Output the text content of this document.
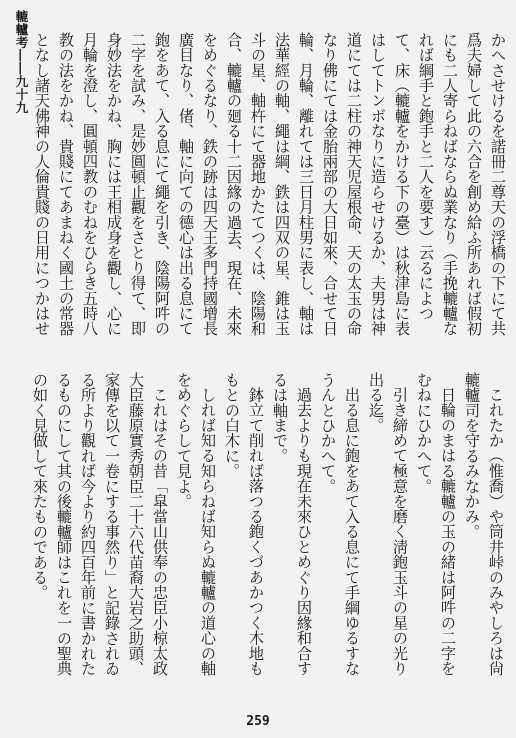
轆轤考――九十九	かへさせけるを諾冊二尊天の浮橋の下にて共爲夫婦して此の六合を創め給ふ所あれば假初にも二人寄らねばならぬ業なり（手挽轆轤なれば綱手と鉋手と二人を要す）云るによつて、床（轆轤をかける下の臺）は秋津島に表はしてトンボなりに造らせけるか、夫男は神道にては二柱の神天児屋根命、天の太玉の命なり佛にては金胎兩部の大日如來、合せて日輪、月輪、離れては三日月柱男に表し、軸は法華經の軸、繩は綱、鉄は四双の星、錐は玉斗の星、軸杵にて器地かたてつくは、陰陽和合、轆轤の廻る十二因緣の過去、現在、未來をめぐるなり、鉄の跡は四天王多門持國增長廣目なり、偖、軸に向ての德心は出る息にて鉋をあて、入る息にて繩を引き、陰陽阿吽の二字を試み、是妙圓頓止觀をさとり得て、即身妙法をかね、胸には王相成身を觀し、心に月輪を澄し、圓頓四教のむねをひらき五時八教の法をかね、貴賤にてあまねく國土の常器となし諸天佛神の人倫貴賤の日用につかはせ

これたか（惟喬）や筒井峠のみやしろは尙轆轤司を守るみなかみ。

日輪のまはる轆轤の玉の緒は阿吽の二字をむねにひかへて。

引き締めて極意を磨く淸鉋玉斗の星の光り出る迄。

出る息に鉋をあて入る息にて手綱ゆるすなうんとひかへて。

過去よりも現在未來ひとめぐり因緣和合するは軸まで。

鉢立て削れば落つる鉋くづあかつく木地ももとの白木に。

しれば知る知らねば知らぬ轆轤の道心の軸をめぐらして見よ。

これはその昔「皐當山供奉の忠臣小椋太政大臣藤原實秀朝臣二十六代苗裔大岩之助頭、家傳を以て一卷にする事然り」と記錄されゐる所より觀れば今より約四百年前に書かれたるものにして其の後轆轤師はこれを一の聖典の如く見做して來たものである。

259
